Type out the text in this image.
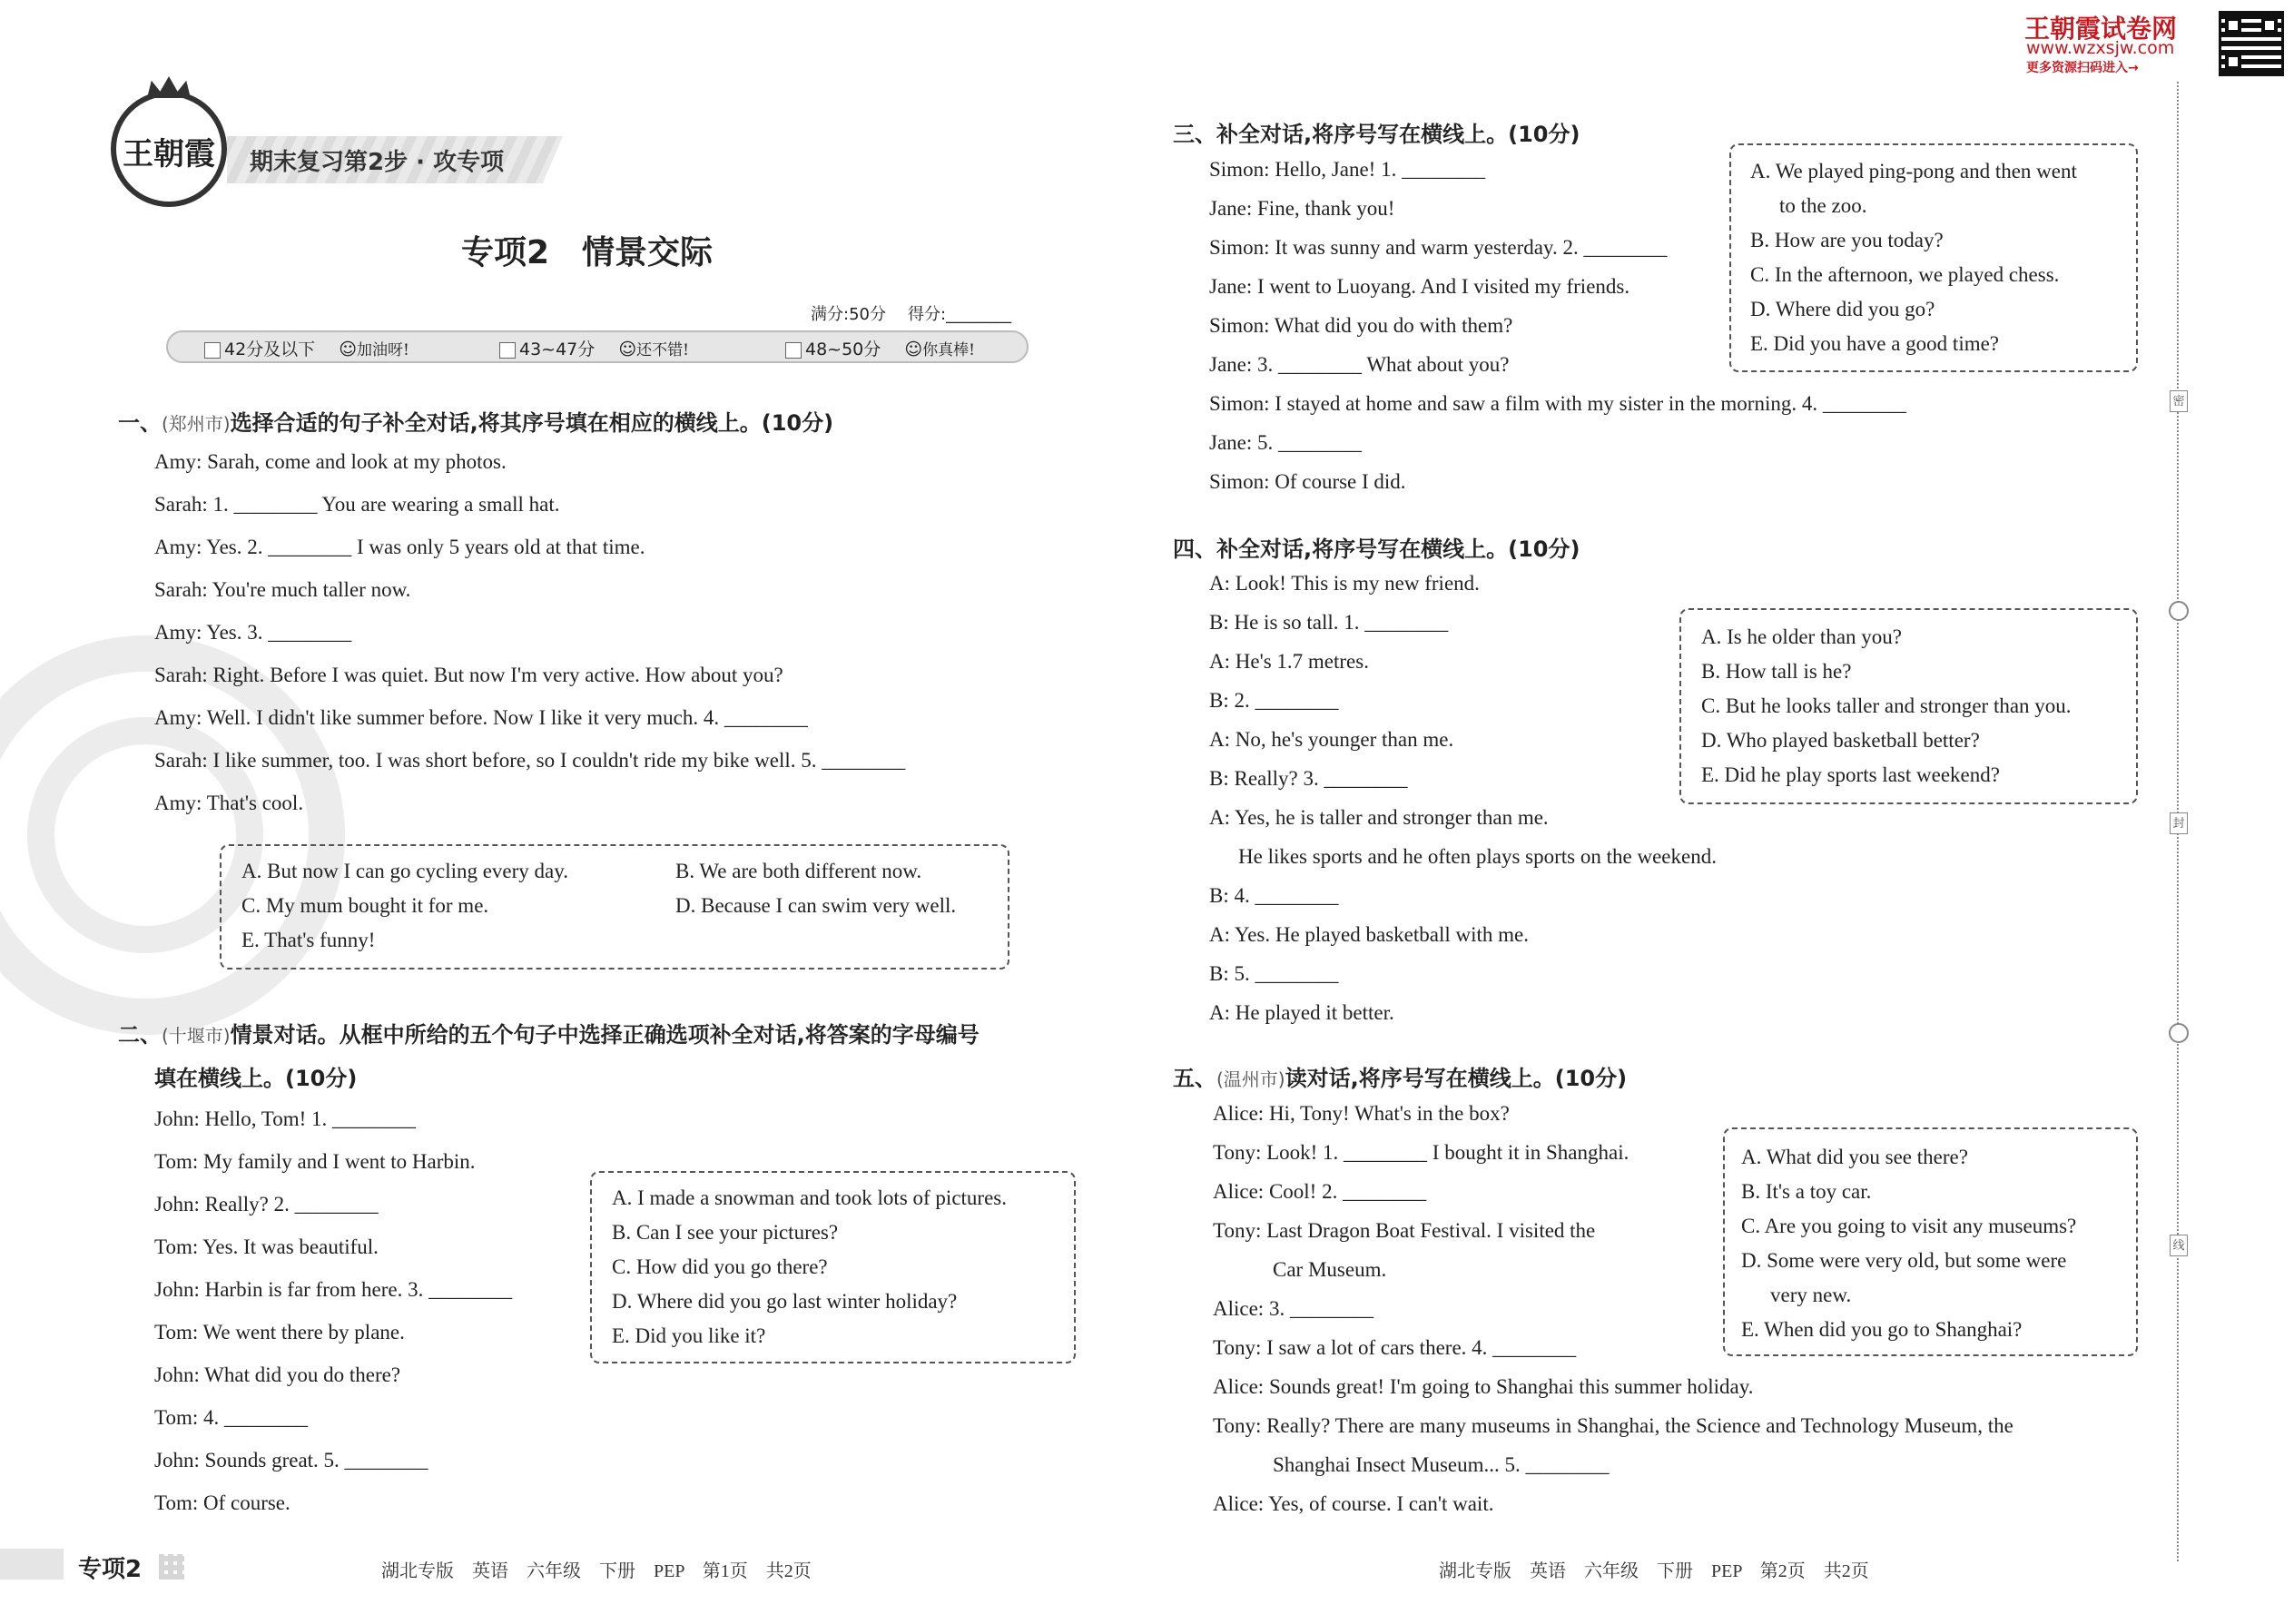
王朝霞 期末复习第2步 · 攻专项
王朝霞试卷网
www.wzxsjw.com
更多资源扫码进入→
专项2　情景交际
满分:50分 得分:________
42分及以下 ☺加油呀!	43~47分 ☺还不错!	48~50分 ☺你真棒!
一、(郑州市)选择合适的句子补全对话,将其序号填在相应的横线上。(10分)
Amy: Sarah, come and look at my photos.
Sarah: 1. ________ You are wearing a small hat.
Amy: Yes. 2. ________ I was only 5 years old at that time.
Sarah: You're much taller now.
Amy: Yes. 3. ________
Sarah: Right. Before I was quiet. But now I'm very active. How about you?
Amy: Well. I didn't like summer before. Now I like it very much. 4. ________
Sarah: I like summer, too. I was short before, so I couldn't ride my bike well. 5. ________
Amy: That's cool.
A. But now I can go cycling every day.	B. We are both different now.
C. My mum bought it for me.	D. Because I can swim very well.
E. That's funny!
二、(十堰市)情景对话。从框中所给的五个句子中选择正确选项补全对话,将答案的字母编号
填在横线上。(10分)
John: Hello, Tom! 1. ________
Tom: My family and I went to Harbin.
John: Really? 2. ________
Tom: Yes. It was beautiful.
John: Harbin is far from here. 3. ________
Tom: We went there by plane.
John: What did you do there?
Tom: 4. ________
John: Sounds great. 5. ________
Tom: Of course.
A. I made a snowman and took lots of pictures.
B. Can I see your pictures?
C. How did you go there?
D. Where did you go last winter holiday?
E. Did you like it?
三、补全对话,将序号写在横线上。(10分)
Simon: Hello, Jane! 1. ________
Jane: Fine, thank you!
Simon: It was sunny and warm yesterday. 2. ________
Jane: I went to Luoyang. And I visited my friends.
Simon: What did you do with them?
Jane: 3. ________ What about you?
Simon: I stayed at home and saw a film with my sister in the morning. 4. ________
Jane: 5. ________
Simon: Of course I did.
A. We played ping-pong and then went
to the zoo.
B. How are you today?
C. In the afternoon, we played chess.
D. Where did you go?
E. Did you have a good time?
四、补全对话,将序号写在横线上。(10分)
A: Look! This is my new friend.
B: He is so tall. 1. ________
A: He's 1.7 metres.
B: 2. ________
A: No, he's younger than me.
B: Really? 3. ________
A: Yes, he is taller and stronger than me.
He likes sports and he often plays sports on the weekend.
B: 4. ________
A: Yes. He played basketball with me.
B: 5. ________
A: He played it better.
A. Is he older than you?
B. How tall is he?
C. But he looks taller and stronger than you.
D. Who played basketball better?
E. Did he play sports last weekend?
五、(温州市)读对话,将序号写在横线上。(10分)
Alice: Hi, Tony! What's in the box?
Tony: Look! 1. ________ I bought it in Shanghai.
Alice: Cool! 2. ________
Tony: Last Dragon Boat Festival. I visited the
Car Museum.
Alice: 3. ________
Tony: I saw a lot of cars there. 4. ________
Alice: Sounds great! I'm going to Shanghai this summer holiday.
Tony: Really? There are many museums in Shanghai, the Science and Technology Museum, the
Shanghai Insect Museum... 5. ________
Alice: Yes, of course. I can't wait.
A. What did you see there?
B. It's a toy car.
C. Are you going to visit any museums?
D. Some were very old, but some were
very new.
E. When did you go to Shanghai?
密
封
线
专项2	湖北专版　英语　六年级　下册　PEP　第1页　共2页	湖北专版　英语　六年级　下册　PEP　第2页　共2页
